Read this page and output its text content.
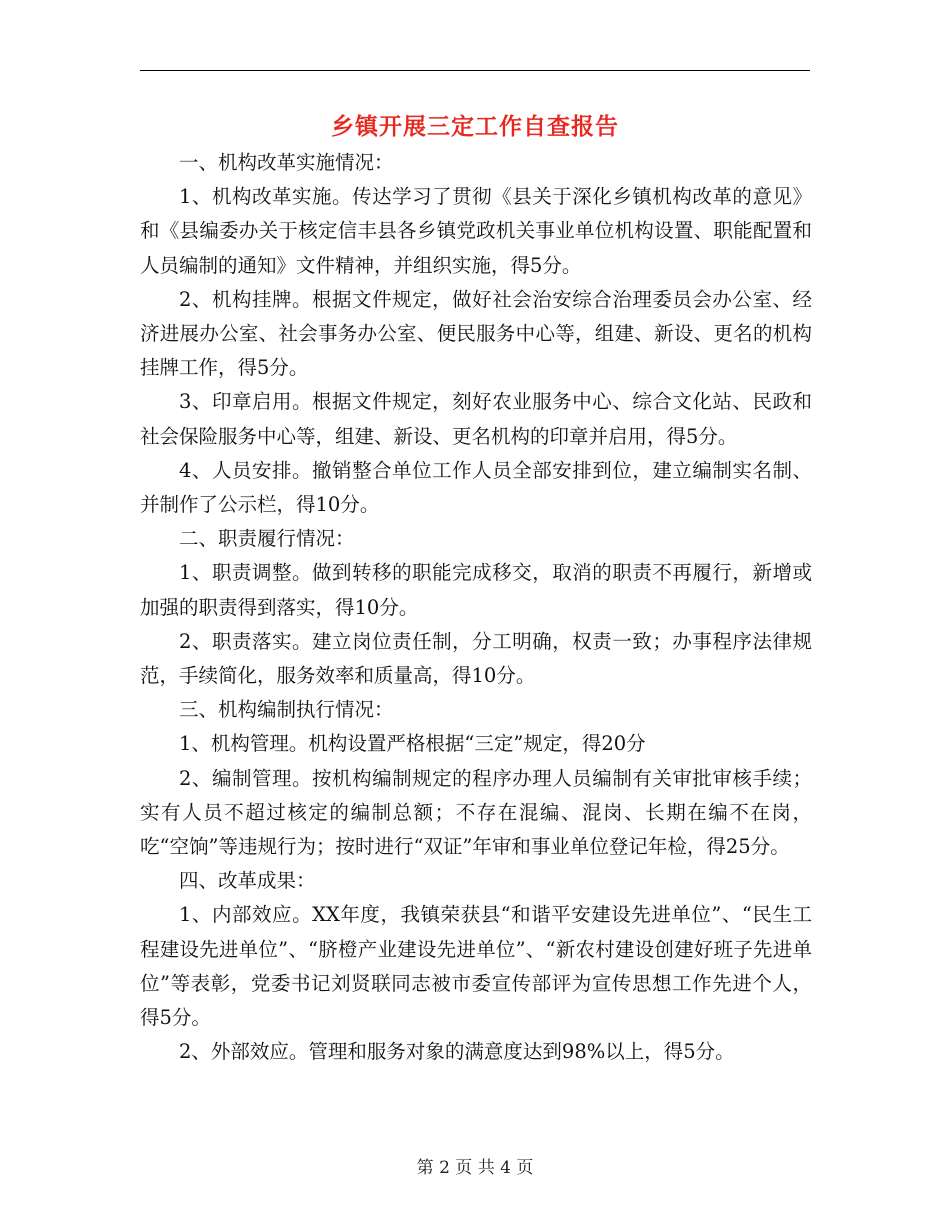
乡镇开展三定工作自查报告

一、机构改革实施情况：

1、机构改革实施。传达学习了贯彻《县关于深化乡镇机构改革的意见》和《县编委办关于核定信丰县各乡镇党政机关事业单位机构设置、职能配置和人员编制的通知》文件精神，并组织实施，得5分。

2、机构挂牌。根据文件规定，做好社会治安综合治理委员会办公室、经济进展办公室、社会事务办公室、便民服务中心等，组建、新设、更名的机构挂牌工作，得5分。

3、印章启用。根据文件规定，刻好农业服务中心、综合文化站、民政和社会保险服务中心等，组建、新设、更名机构的印章并启用，得5分。

4、人员安排。撤销整合单位工作人员全部安排到位，建立编制实名制、并制作了公示栏，得10分。

二、职责履行情况：

1、职责调整。做到转移的职能完成移交，取消的职责不再履行，新增或加强的职责得到落实，得10分。

2、职责落实。建立岗位责任制，分工明确，权责一致；办事程序法律规范，手续简化，服务效率和质量高，得10分。

三、机构编制执行情况：

1、机构管理。机构设置严格根据“三定”规定，得20分

2、编制管理。按机构编制规定的程序办理人员编制有关审批审核手续；实有人员不超过核定的编制总额；不存在混编、混岗、长期在编不在岗，吃“空饷”等违规行为；按时进行“双证”年审和事业单位登记年检，得25分。

四、改革成果：

1、内部效应。XX年度，我镇荣获县“和谐平安建设先进单位”、“民生工程建设先进单位”、“脐橙产业建设先进单位”、“新农村建设创建好班子先进单位”等表彰，党委书记刘贤联同志被市委宣传部评为宣传思想工作先进个人，得5分。

2、外部效应。管理和服务对象的满意度达到98%以上，得5分。

第 2 页 共 4 页
